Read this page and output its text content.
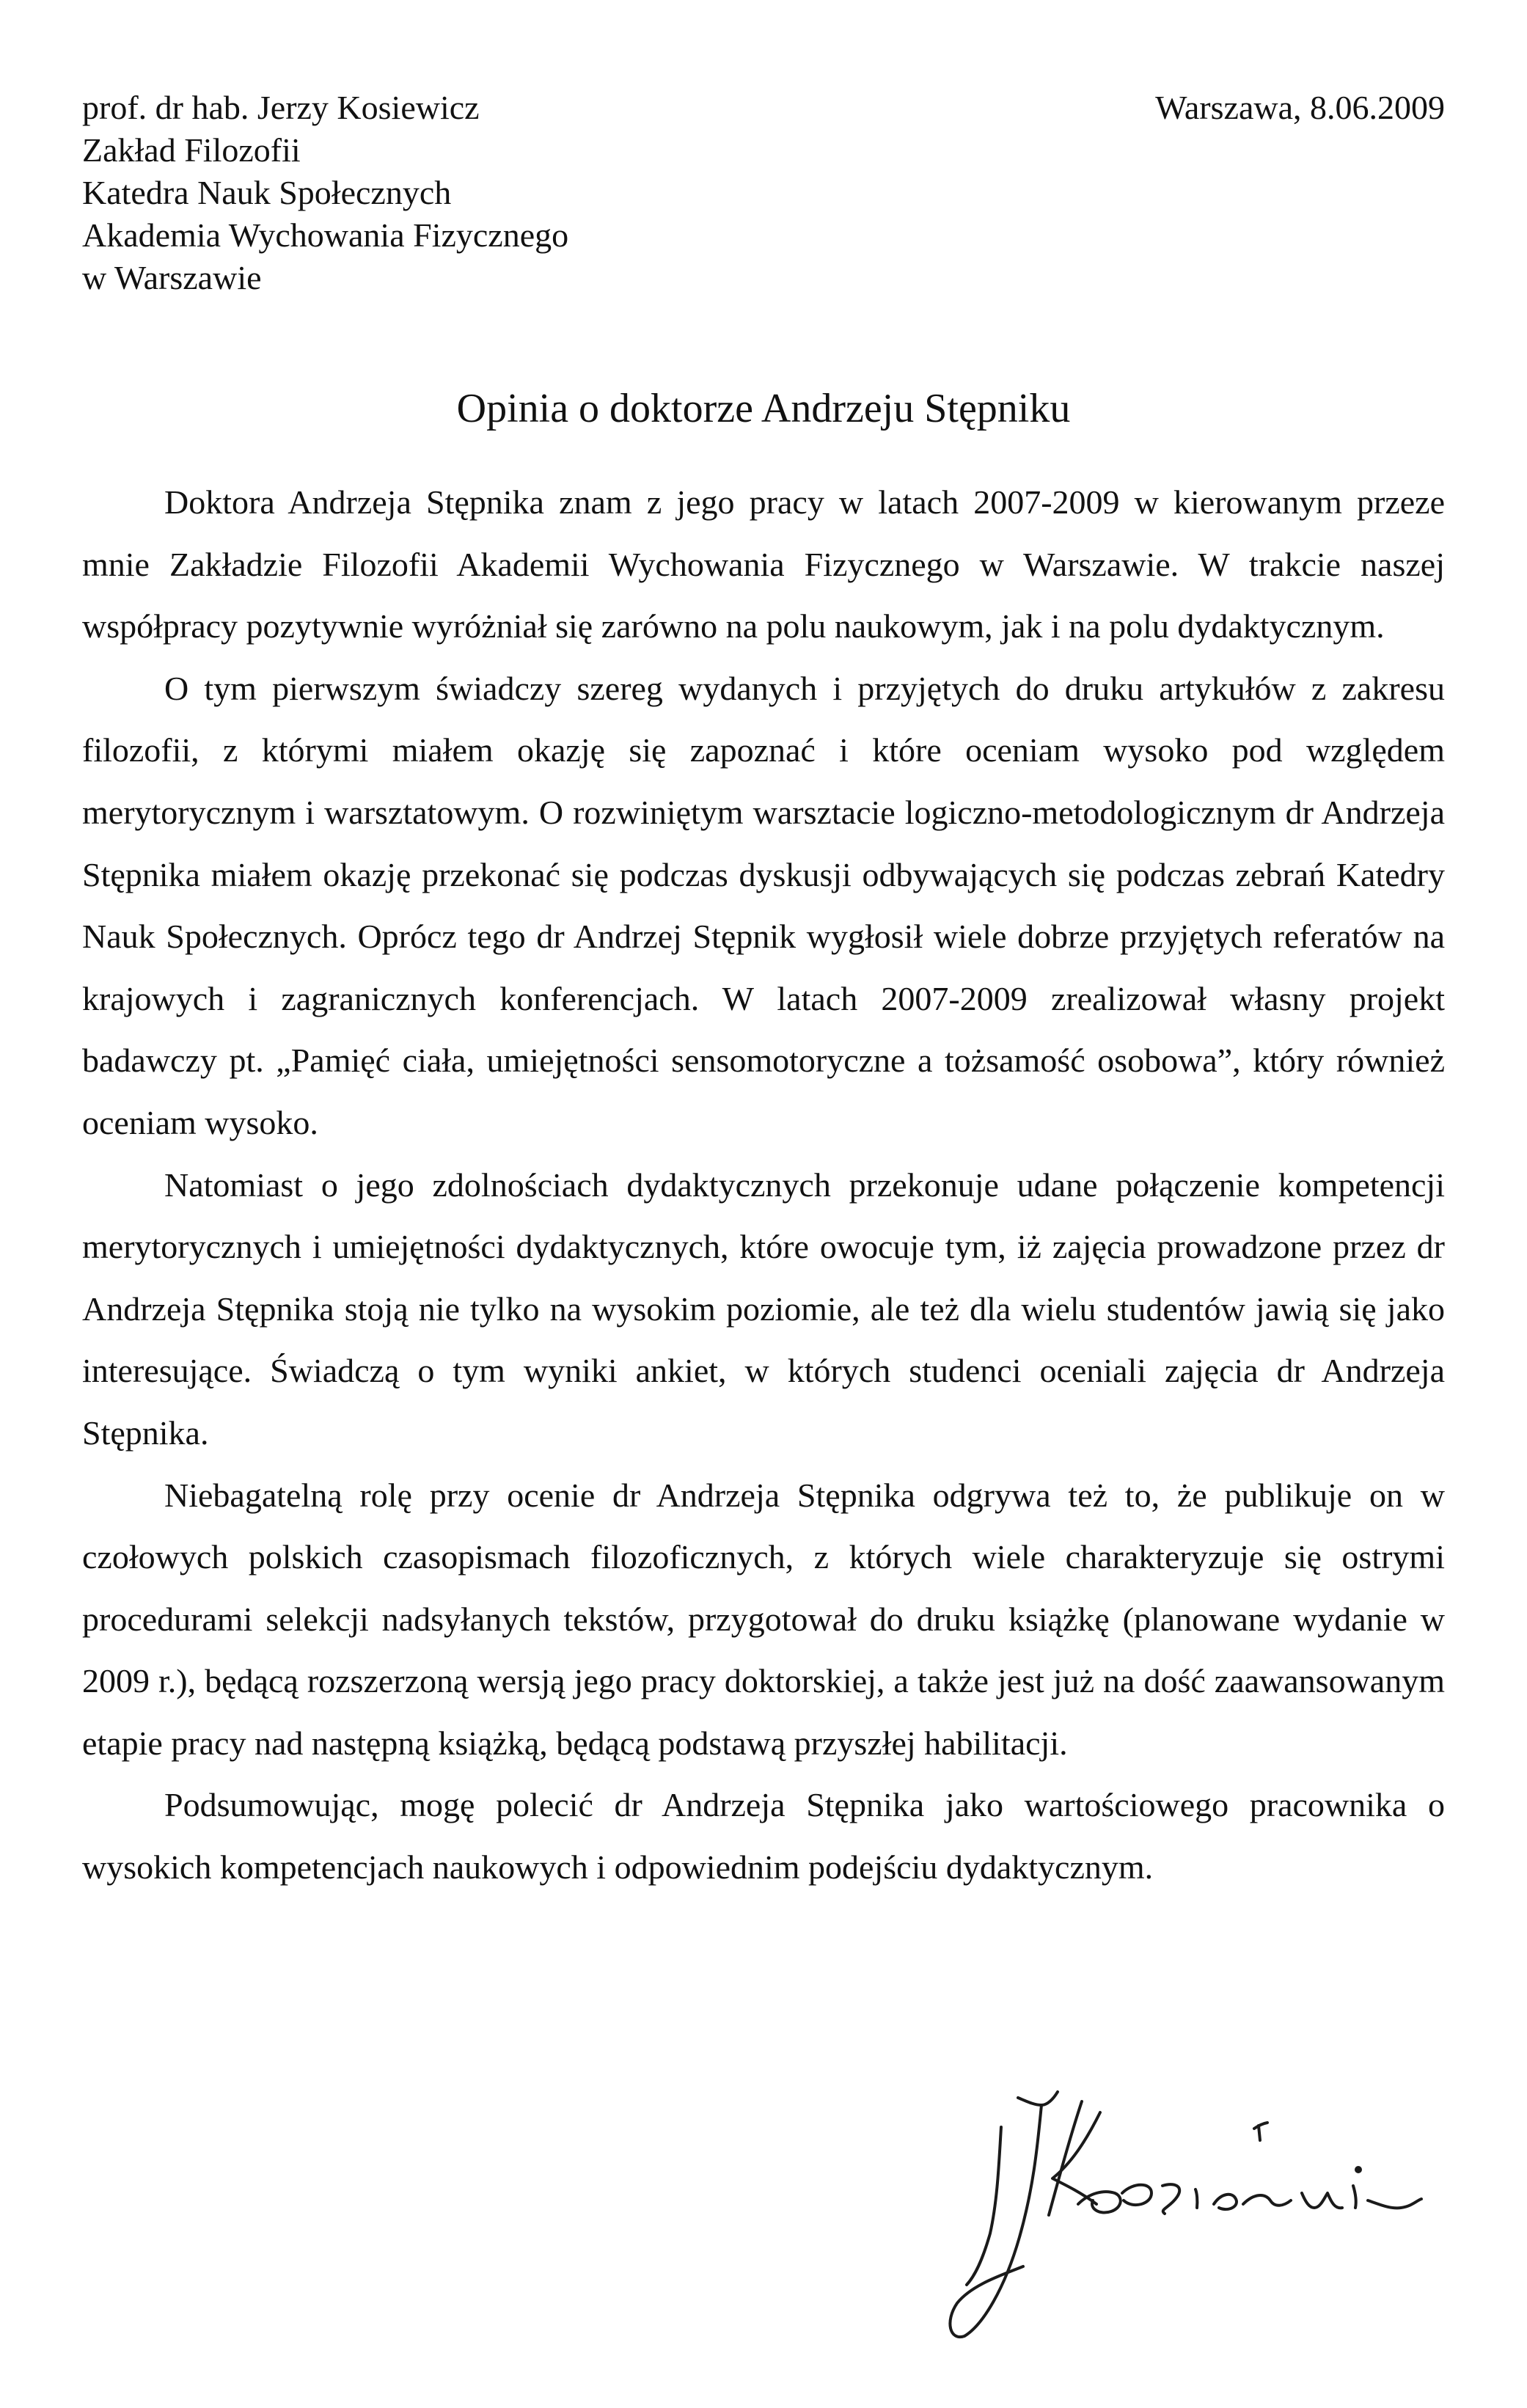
prof. dr hab. Jerzy Kosiewicz
Zakład Filozofii
Katedra Nauk Społecznych
Akademia Wychowania Fizycznego
w Warszawie
Warszawa, 8.06.2009
Opinia o doktorze Andrzeju Stępniku

Doktora Andrzeja Stępnika znam z jego pracy w latach 2007-2009 w kierowanym przeze mnie Zakładzie Filozofii Akademii Wychowania Fizycznego w Warszawie. W trakcie naszej współpracy pozytywnie wyróżniał się zarówno na polu naukowym, jak i na polu dydaktycznym.

O tym pierwszym świadczy szereg wydanych i przyjętych do druku artykułów z zakresu filozofii, z którymi miałem okazję się zapoznać i które oceniam wysoko pod względem merytorycznym i warsztatowym. O rozwiniętym warsztacie logiczno-metodologicznym dr Andrzeja Stępnika miałem okazję przekonać się podczas dyskusji odbywających się podczas zebrań Katedry Nauk Społecznych. Oprócz tego dr Andrzej Stępnik wygłosił wiele dobrze przyjętych referatów na krajowych i zagranicznych konferencjach. W latach 2007-2009 zrealizował własny projekt badawczy pt. „Pamięć ciała, umiejętności sensomotoryczne a tożsamość osobowa”, który również oceniam wysoko.

Natomiast o jego zdolnościach dydaktycznych przekonuje udane połączenie kompetencji merytorycznych i umiejętności dydaktycznych, które owocuje tym, iż zajęcia prowadzone przez dr Andrzeja Stępnika stoją nie tylko na wysokim poziomie, ale też dla wielu studentów jawią się jako interesujące. Świadczą o tym wyniki ankiet, w których studenci oceniali zajęcia dr Andrzeja Stępnika.

Niebagatelną rolę przy ocenie dr Andrzeja Stępnika odgrywa też to, że publikuje on w czołowych polskich czasopismach filozoficznych, z których wiele charakteryzuje się ostrymi procedurami selekcji nadsyłanych tekstów, przygotował do druku książkę (planowane wydanie w 2009 r.), będącą rozszerzoną wersją jego pracy doktorskiej, a także jest już na dość zaawansowanym etapie pracy nad następną książką, będącą podstawą przyszłej habilitacji.

Podsumowując, mogę polecić dr Andrzeja Stępnika jako wartościowego pracownika o wysokich kompetencjach naukowych i odpowiednim podejściu dydaktycznym.
